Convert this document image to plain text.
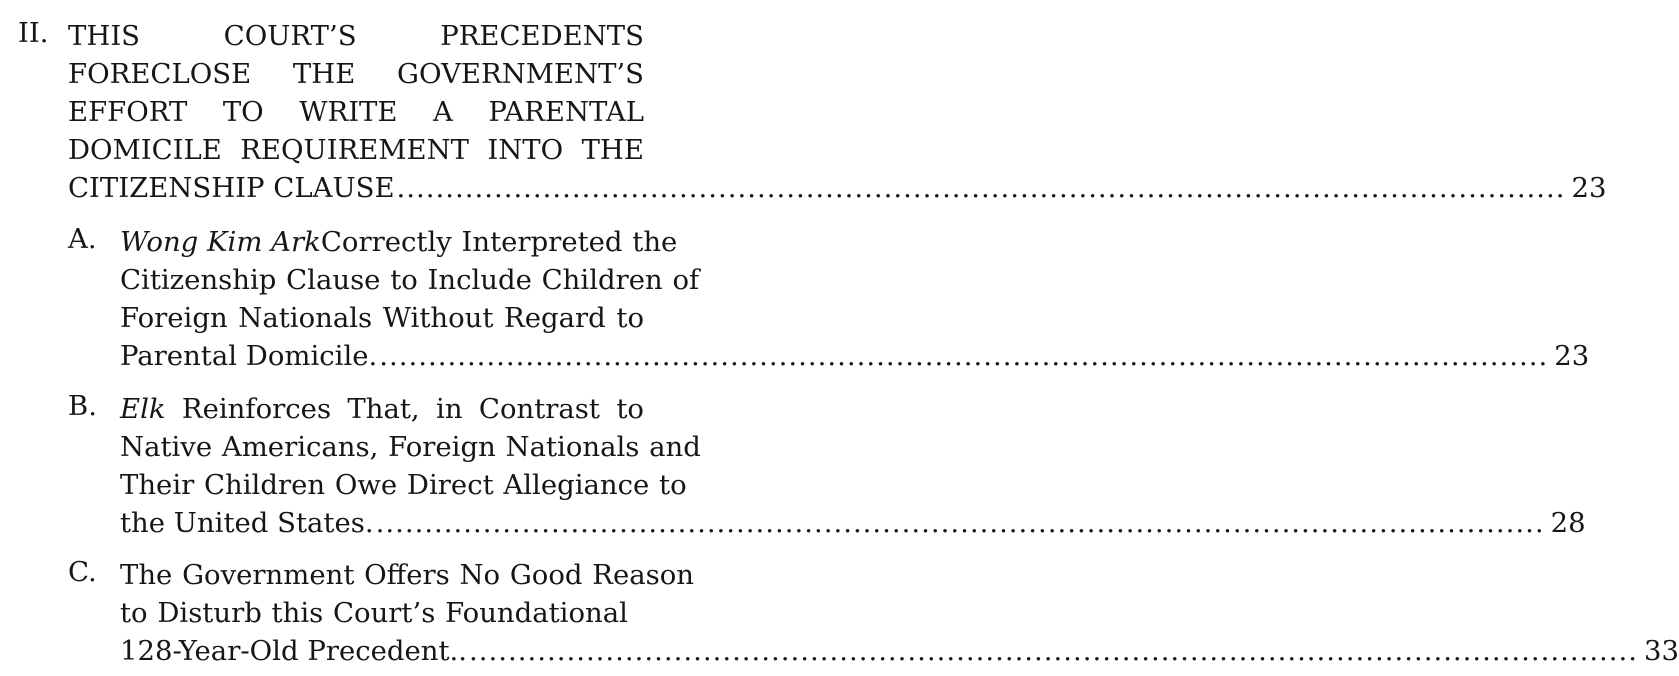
II. THIS	COURT’S	PRECEDENTS
FORECLOSE THE GOVERNMENT’S
EFFORT TO WRITE A PARENTAL
DOMICILE REQUIREMENT INTO THE
CITIZENSHIP CLAUSE ........................................................................................................................ 23
A. Wong Kim Ark Correctly Interpreted the
Citizenship Clause to Include Children of
Foreign Nationals Without Regard to
Parental Domicile. ........................................................................................................................ 23
B. Elk Reinforces That, in Contrast to
Native Americans, Foreign Nationals and
Their Children Owe Direct Allegiance to
the United States. ........................................................................................................................ 28
C. The Government Offers No Good Reason
to Disturb this Court’s Foundational
128-Year-Old Precedent.. ........................................................................................................................ 33
